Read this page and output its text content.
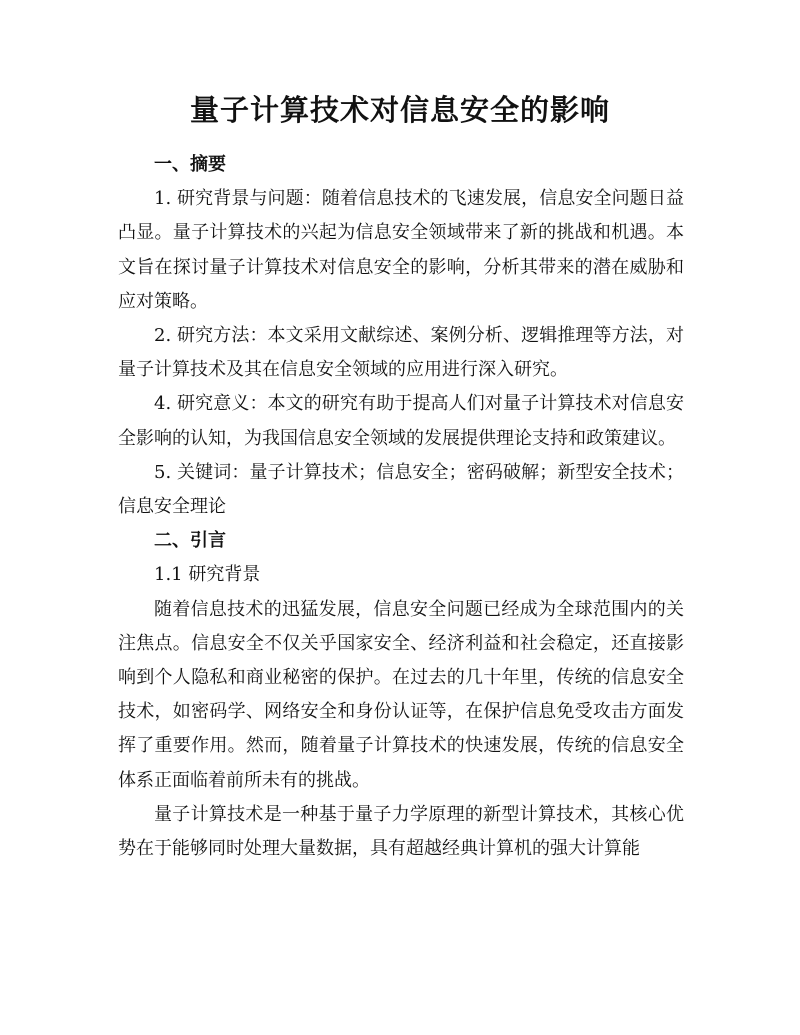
量子计算技术对信息安全的影响

一、摘要

1. 研究背景与问题：随着信息技术的飞速发展，信息安全问题日益凸显。量子计算技术的兴起为信息安全领域带来了新的挑战和机遇。本文旨在探讨量子计算技术对信息安全的影响，分析其带来的潜在威胁和应对策略。

2. 研究方法：本文采用文献综述、案例分析、逻辑推理等方法，对量子计算技术及其在信息安全领域的应用进行深入研究。

4. 研究意义：本文的研究有助于提高人们对量子计算技术对信息安全影响的认知，为我国信息安全领域的发展提供理论支持和政策建议。

5. 关键词：量子计算技术；信息安全；密码破解；新型安全技术；信息安全理论

二、引言

1.1 研究背景

随着信息技术的迅猛发展，信息安全问题已经成为全球范围内的关注焦点。信息安全不仅关乎国家安全、经济利益和社会稳定，还直接影响到个人隐私和商业秘密的保护。在过去的几十年里，传统的信息安全技术，如密码学、网络安全和身份认证等，在保护信息免受攻击方面发挥了重要作用。然而，随着量子计算技术的快速发展，传统的信息安全体系正面临着前所未有的挑战。

量子计算技术是一种基于量子力学原理的新型计算技术，其核心优势在于能够同时处理大量数据，具有超越经典计算机的强大计算能
